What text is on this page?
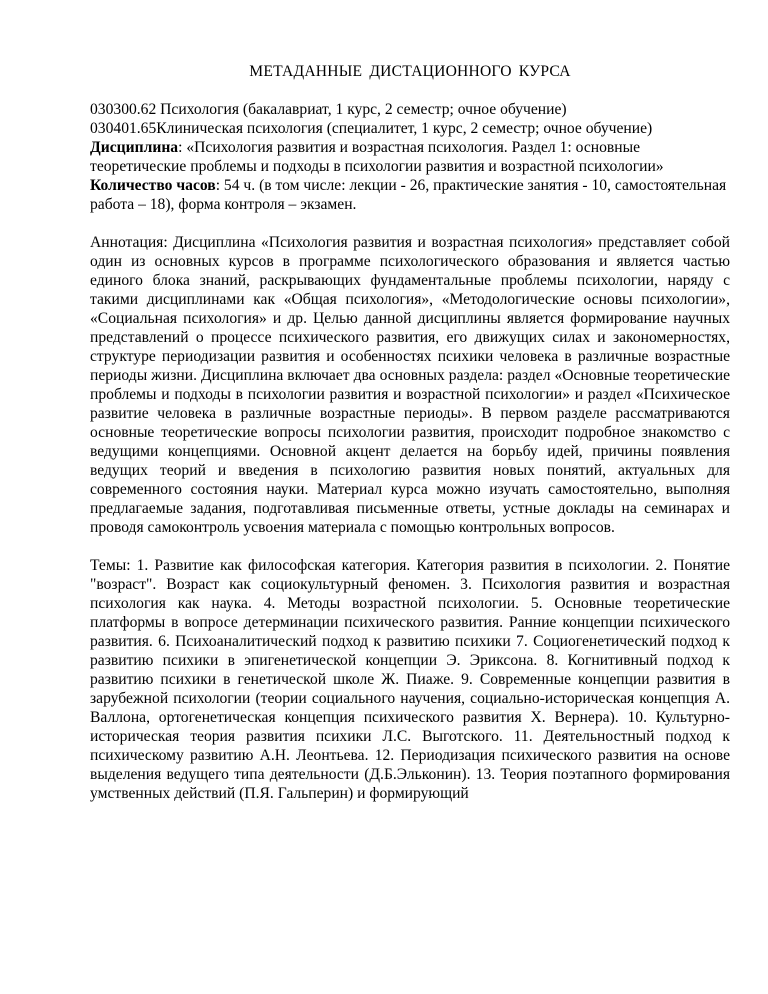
МЕТАДАННЫЕ ДИСТАЦИОННОГО КУРСА

030300.62 Психология (бакалавриат, 1 курс, 2 семестр; очное обучение)

030401.65Клиническая психология (специалитет, 1 курс, 2 семестр; очное обучение)

Дисциплина: «Психология развития и возрастная психология. Раздел 1: основные теоретические проблемы и подходы в психологии развития и возрастной психологии»

Количество часов: 54 ч. (в том числе: лекции - 26, практические занятия - 10, самостоятельная работа – 18), форма контроля – экзамен.

Аннотация: Дисциплина «Психология развития и возрастная психология» представляет собой один из основных курсов в программе психологического образования и является частью единого блока знаний, раскрывающих фундаментальные проблемы психологии, наряду с такими дисциплинами как «Общая психология», «Методологические основы психологии», «Социальная психология» и др. Целью данной дисциплины является формирование научных представлений о процессе психического развития, его движущих силах и закономерностях, структуре периодизации развития и особенностях психики человека в различные возрастные периоды жизни. Дисциплина включает два основных раздела: раздел «Основные теоретические проблемы и подходы в психологии развития и возрастной психологии» и раздел «Психическое развитие человека в различные возрастные периоды». В первом разделе рассматриваются основные теоретические вопросы психологии развития, происходит подробное знакомство с ведущими концепциями. Основной акцент делается на борьбу идей, причины появления ведущих теорий и введения в психологию развития новых понятий, актуальных для современного состояния науки. Материал курса можно изучать самостоятельно, выполняя предлагаемые задания, подготавливая письменные ответы, устные доклады на семинарах и проводя самоконтроль усвоения материала с помощью контрольных вопросов.

Темы: 1. Развитие как философская категория. Категория развития в психологии. 2. Понятие "возраст". Возраст как социокультурный феномен. 3. Психология развития и возрастная психология как наука. 4. Методы возрастной психологии. 5. Основные теоретические платформы в вопросе детерминации психического развития. Ранние концепции психического развития. 6. Психоаналитический подход к развитию психики 7. Социогенетический подход к развитию психики в эпигенетической концепции Э. Эриксона. 8. Когнитивный подход к развитию психики в генетической школе Ж. Пиаже. 9. Современные концепции развития в зарубежной психологии (теории социального научения, социально-историческая концепция А. Валлона, ортогенетическая концепция психического развития Х. Вернера). 10. Культурно-историческая теория развития психики Л.С. Выготского. 11. Деятельностный подход к психическому развитию А.Н. Леонтьева. 12. Периодизация психического развития на основе выделения ведущего типа деятельности (Д.Б.Эльконин). 13. Теория поэтапного формирования умственных действий (П.Я. Гальперин) и формирующий
